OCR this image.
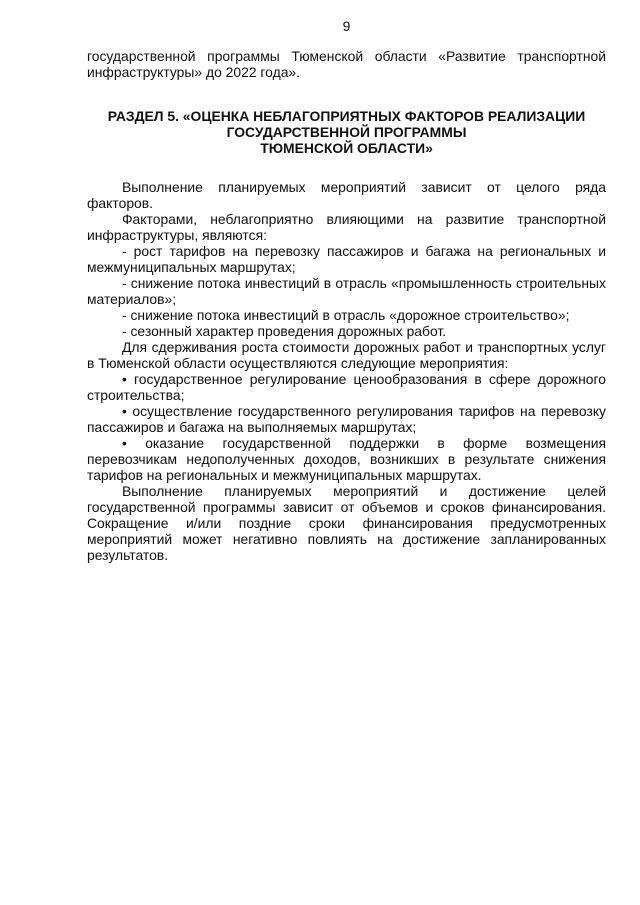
9

государственной программы Тюменской области «Развитие транспортной

инфраструктуры» до 2022 года».

РАЗДЕЛ 5. «ОЦЕНКА НЕБЛАГОПРИЯТНЫХ ФАКТОРОВ РЕАЛИЗАЦИИ
ГОСУДАРСТВЕННОЙ ПРОГРАММЫ
ТЮМЕНСКОЙ ОБЛАСТИ»

Выполнение планируемых мероприятий зависит от целого ряда факторов.

Факторами, неблагоприятно влияющими на развитие транспортной инфраструктуры, являются:

- рост тарифов на перевозку пассажиров и багажа на региональных и межмуниципальных маршрутах;

- снижение потока инвестиций в отрасль «промышленность строительных материалов»;

- снижение потока инвестиций в отрасль «дорожное строительство»;

- сезонный характер проведения дорожных работ.

Для сдерживания роста стоимости дорожных работ и транспортных услуг в Тюменской области осуществляются следующие мероприятия:

• государственное регулирование ценообразования в сфере дорожного строительства;

• осуществление государственного регулирования тарифов на перевозку пассажиров и багажа на выполняемых маршрутах;

• оказание государственной поддержки в форме возмещения перевозчикам недополученных доходов, возникших в результате снижения тарифов на региональных и межмуниципальных маршрутах.

Выполнение планируемых мероприятий и достижение целей государственной программы зависит от объемов и сроков финансирования. Сокращение и/или поздние сроки финансирования предусмотренных мероприятий может негативно повлиять на достижение запланированных результатов.
